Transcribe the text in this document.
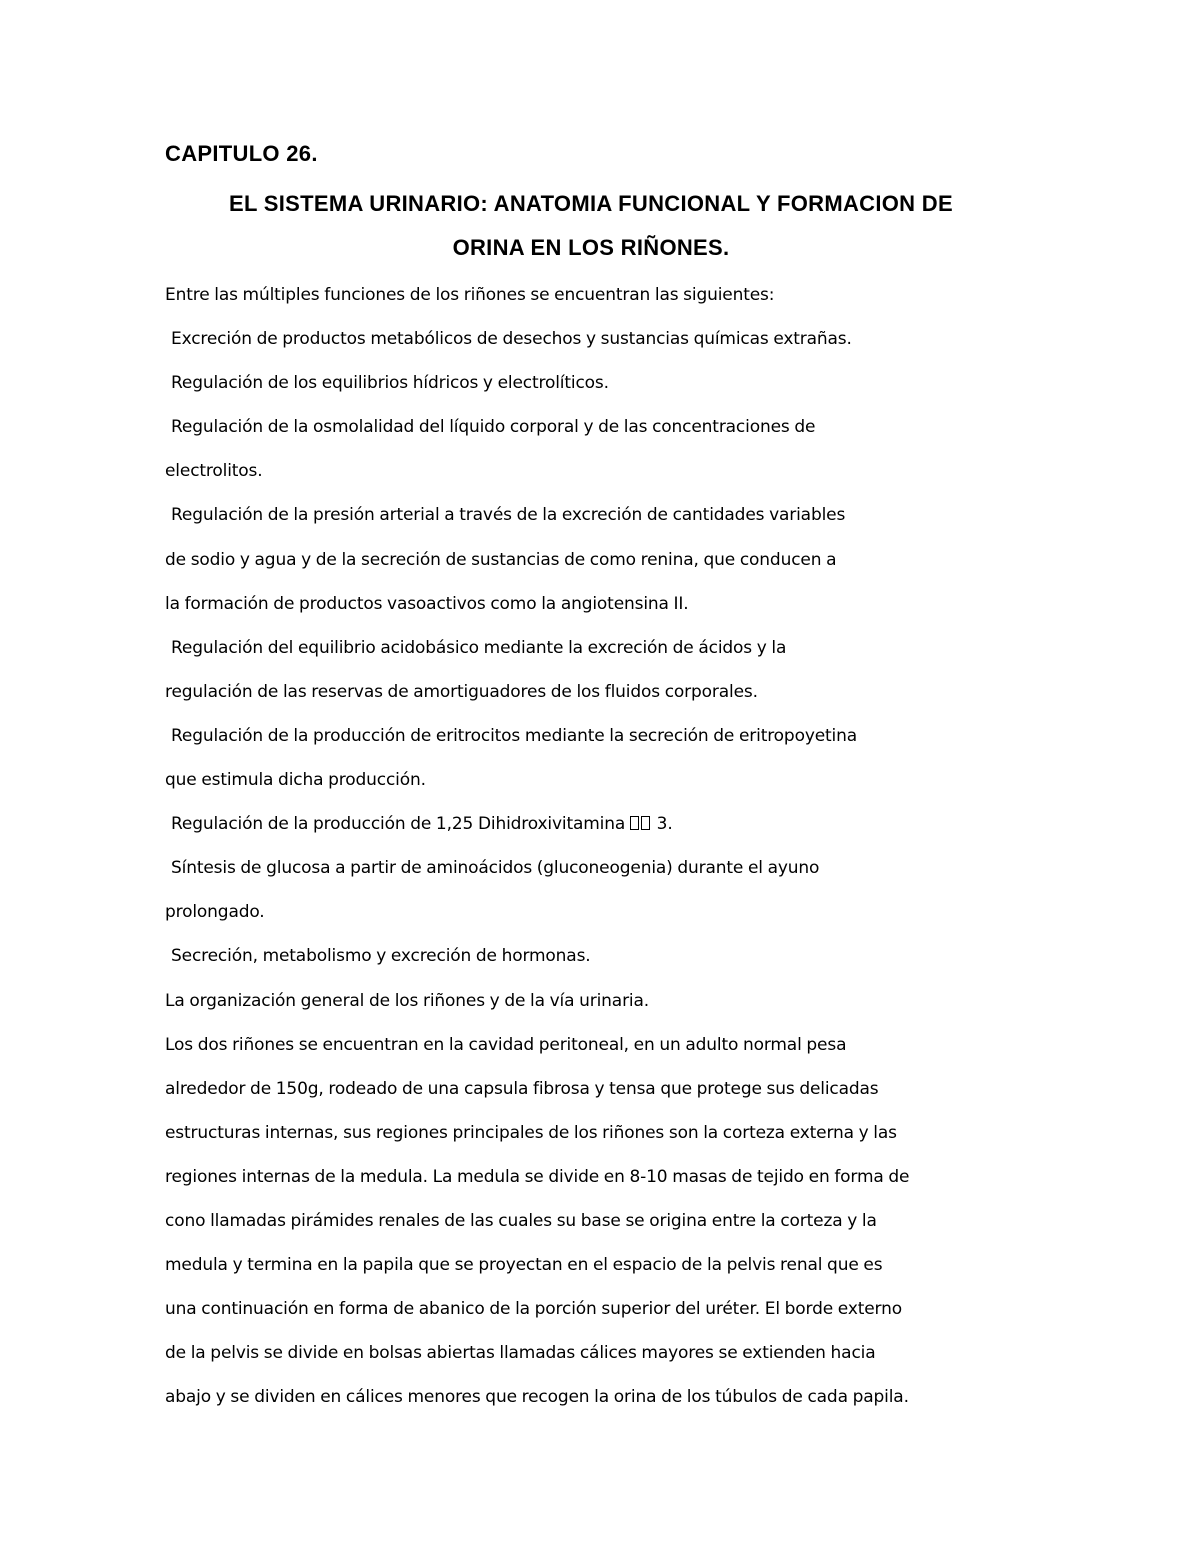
CAPITULO 26.

EL SISTEMA URINARIO: ANATOMIA FUNCIONAL Y FORMACION DE
ORINA EN LOS RIÑONES.

Entre las múltiples funciones de los riñones se encuentran las siguientes:

Excreción de productos metabólicos de desechos y sustancias químicas extrañas.

Regulación de los equilibrios hídricos y electrolíticos.

Regulación de la osmolalidad del líquido corporal y de las concentraciones de

electrolitos.

Regulación de la presión arterial a través de la excreción de cantidades variables

de sodio y agua y de la secreción de sustancias de como renina, que conducen a

la formación de productos vasoactivos como la angiotensina II.

Regulación del equilibrio acidobásico mediante la excreción de ácidos y la

regulación de las reservas de amortiguadores de los fluidos corporales.

Regulación de la producción de eritrocitos mediante la secreción de eritropoyetina

que estimula dicha producción.

Regulación de la producción de 1,25 Dihidroxivitamina 3.

Síntesis de glucosa a partir de aminoácidos (gluconeogenia) durante el ayuno

prolongado.

Secreción, metabolismo y excreción de hormonas.

La organización general de los riñones y de la vía urinaria.

Los dos riñones se encuentran en la cavidad peritoneal, en un adulto normal pesa

alrededor de 150g, rodeado de una capsula fibrosa y tensa que protege sus delicadas

estructuras internas, sus regiones principales de los riñones son la corteza externa y las

regiones internas de la medula. La medula se divide en 8-10 masas de tejido en forma de

cono llamadas pirámides renales de las cuales su base se origina entre la corteza y la

medula y termina en la papila que se proyectan en el espacio de la pelvis renal que es

una continuación en forma de abanico de la porción superior del uréter. El borde externo

de la pelvis se divide en bolsas abiertas llamadas cálices mayores se extienden hacia

abajo y se dividen en cálices menores que recogen la orina de los túbulos de cada papila.
